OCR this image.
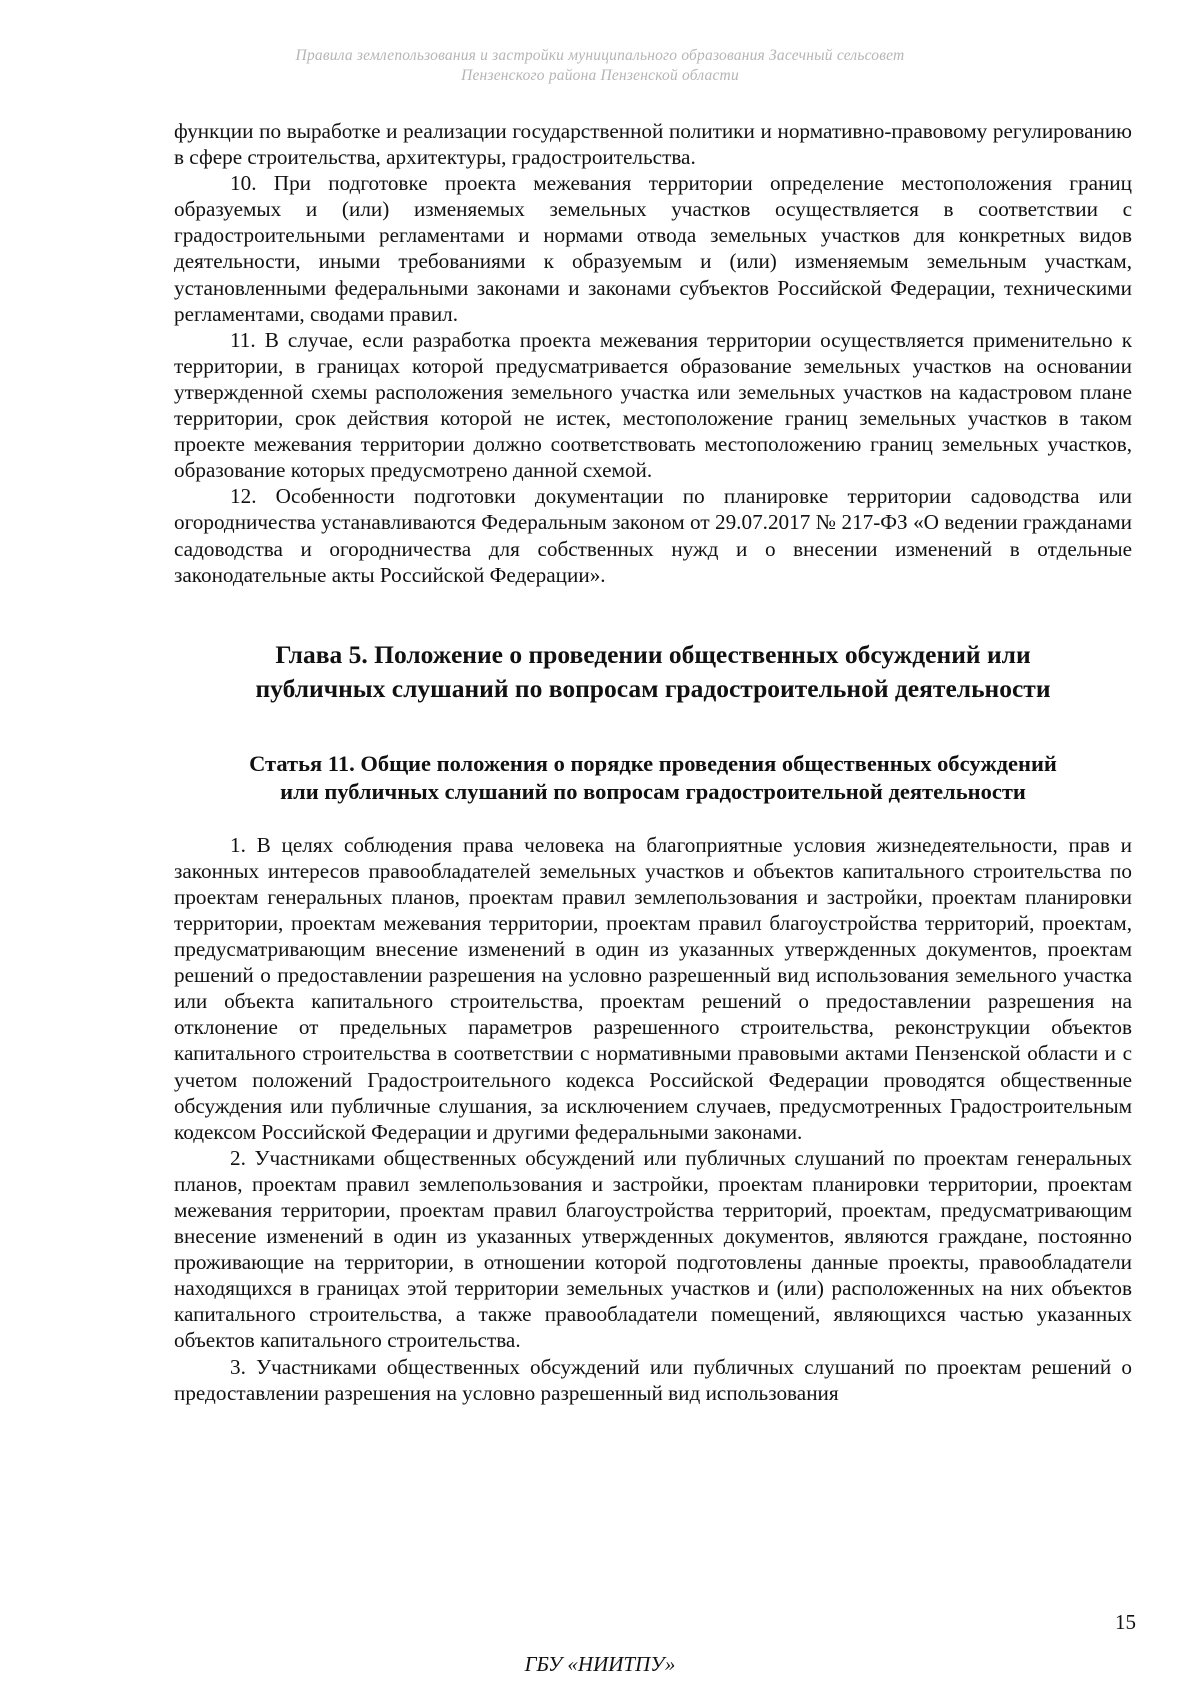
Правила землепользования и застройки муниципального образования Засечный сельсовет
Пензенского района Пензенской области

функции по выработке и реализации государственной политики и нормативно-правовому регулированию в сфере строительства, архитектуры, градостроительства.

10. При подготовке проекта межевания территории определение местоположения границ образуемых и (или) изменяемых земельных участков осуществляется в соответствии с градостроительными регламентами и нормами отвода земельных участков для конкретных видов деятельности, иными требованиями к образуемым и (или) изменяемым земельным участкам, установленными федеральными законами и законами субъектов Российской Федерации, техническими регламентами, сводами правил.

11. В случае, если разработка проекта межевания территории осуществляется применительно к территории, в границах которой предусматривается образование земельных участков на основании утвержденной схемы расположения земельного участка или земельных участков на кадастровом плане территории, срок действия которой не истек, местоположение границ земельных участков в таком проекте межевания территории должно соответствовать местоположению границ земельных участков, образование которых предусмотрено данной схемой.

12. Особенности подготовки документации по планировке территории садоводства или огородничества устанавливаются Федеральным законом от 29.07.2017 № 217-ФЗ «О ведении гражданами садоводства и огородничества для собственных нужд и о внесении изменений в отдельные законодательные акты Российской Федерации».

Глава 5. Положение о проведении общественных обсуждений или
публичных слушаний по вопросам градостроительной деятельности
Статья 11. Общие положения о порядке проведения общественных обсуждений
или публичных слушаний по вопросам градостроительной деятельности

1. В целях соблюдения права человека на благоприятные условия жизнедеятельности, прав и законных интересов правообладателей земельных участков и объектов капитального строительства по проектам генеральных планов, проектам правил землепользования и застройки, проектам планировки территории, проектам межевания территории, проектам правил благоустройства территорий, проектам, предусматривающим внесение изменений в один из указанных утвержденных документов, проектам решений о предоставлении разрешения на условно разрешенный вид использования земельного участка или объекта капитального строительства, проектам решений о предоставлении разрешения на отклонение от предельных параметров разрешенного строительства, реконструкции объектов капитального строительства в соответствии с нормативными правовыми актами Пензенской области и с учетом положений Градостроительного кодекса Российской Федерации проводятся общественные обсуждения или публичные слушания, за исключением случаев, предусмотренных Градостроительным кодексом Российской Федерации и другими федеральными законами.

2. Участниками общественных обсуждений или публичных слушаний по проектам генеральных планов, проектам правил землепользования и застройки, проектам планировки территории, проектам межевания территории, проектам правил благоустройства территорий, проектам, предусматривающим внесение изменений в один из указанных утвержденных документов, являются граждане, постоянно проживающие на территории, в отношении которой подготовлены данные проекты, правообладатели находящихся в границах этой территории земельных участков и (или) расположенных на них объектов капитального строительства, а также правообладатели помещений, являющихся частью указанных объектов капитального строительства.

3. Участниками общественных обсуждений или публичных слушаний по проектам решений о предоставлении разрешения на условно разрешенный вид использования

15
ГБУ «НИИТПУ»
